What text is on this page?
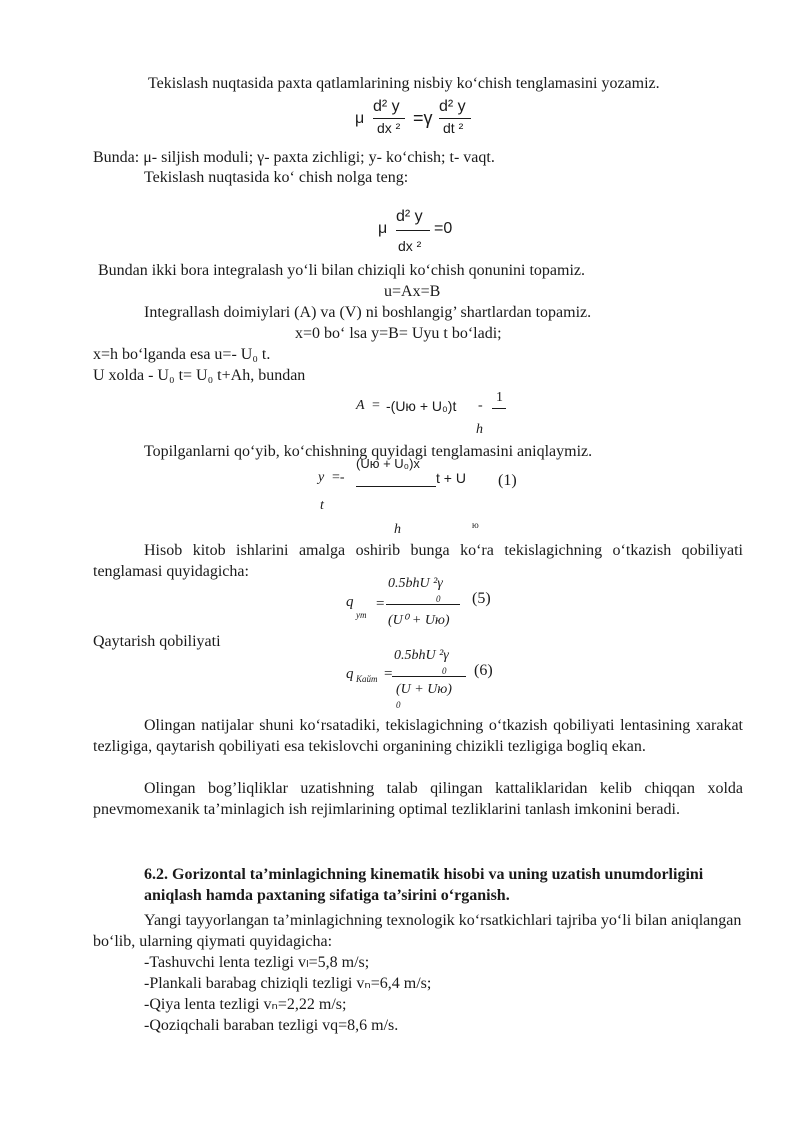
Tekislash nuqtasida paxta qatlamlarining nisbiy ko‘chish tenglamasini yozamiz.
μ
d² y
dx ² =γ
d² y
dt ²
Bunda: μ- siljish moduli; γ- paxta zichligi; y- ko‘chish; t- vaqt.
Tekislash nuqtasida ko‘ chish nolga teng:
μ
d² y
dx ²
=0
Bundan ikki bora integralash yo‘li bilan chiziqli ko‘chish qonunini topamiz.
u=Ax=B
Integrallash doimiylari (A) va (V) ni boshlangig’ shartlardan topamiz.
x=0 bo‘ lsa y=B= Uyu t bo‘ladi;
x=h bo‘lganda esa u=- U₀ t.
U xolda - U₀ t= U₀ t+Ah, bundan
A = -(Uю + U₀)t -
1
h
Topilganlarni qo‘yib, ko‘chishning quyidagi tenglamasini aniqlaymiz.
y =-
(Uю + U₀)x
t + U (1)
t
h	ю
Hisob kitob ishlarini amalga oshirib bunga ko‘ra tekislagichning o‘tkazish qobiliyati tenglamasi quyidagicha:
q
ут
=
0.5bhU ²γ
0
(U⁰ + Uю)
(5)
Qaytarish qobiliyati
q Кайт =
0.5bhU ²γ
0
(U + Uю)
0
(6)
Olingan natijalar shuni ko‘rsatadiki, tekislagichning o‘tkazish qobiliyati lentasining xarakat tezligiga, qaytarish qobiliyati esa tekislovchi organining chizikli tezligiga bogliq ekan.
Olingan bog’liqliklar uzatishning talab qilingan kattaliklaridan kelib chiqqan xolda pnevmomexanik ta’minlagich ish rejimlarining optimal tezliklarini tanlash imkonini beradi.
6.2. Gorizontal ta’minlagichning kinematik hisobi va uning uzatish unumdorligini aniqlash hamda paxtaning sifatiga ta’sirini o‘rganish.
Yangi tayyorlangan ta’minlagichning texnologik ko‘rsatkichlari tajriba yo‘li bilan aniqlangan bo‘lib, ularning qiymati quyidagicha:
-Tashuvchi lenta tezligi vₗ=5,8 m/s;
-Plankali barabag chiziqli tezligi vₙ=6,4 m/s;
-Qiya lenta tezligi vₙ=2,22 m/s;
-Qoziqchali baraban tezligi vq=8,6 m/s.
